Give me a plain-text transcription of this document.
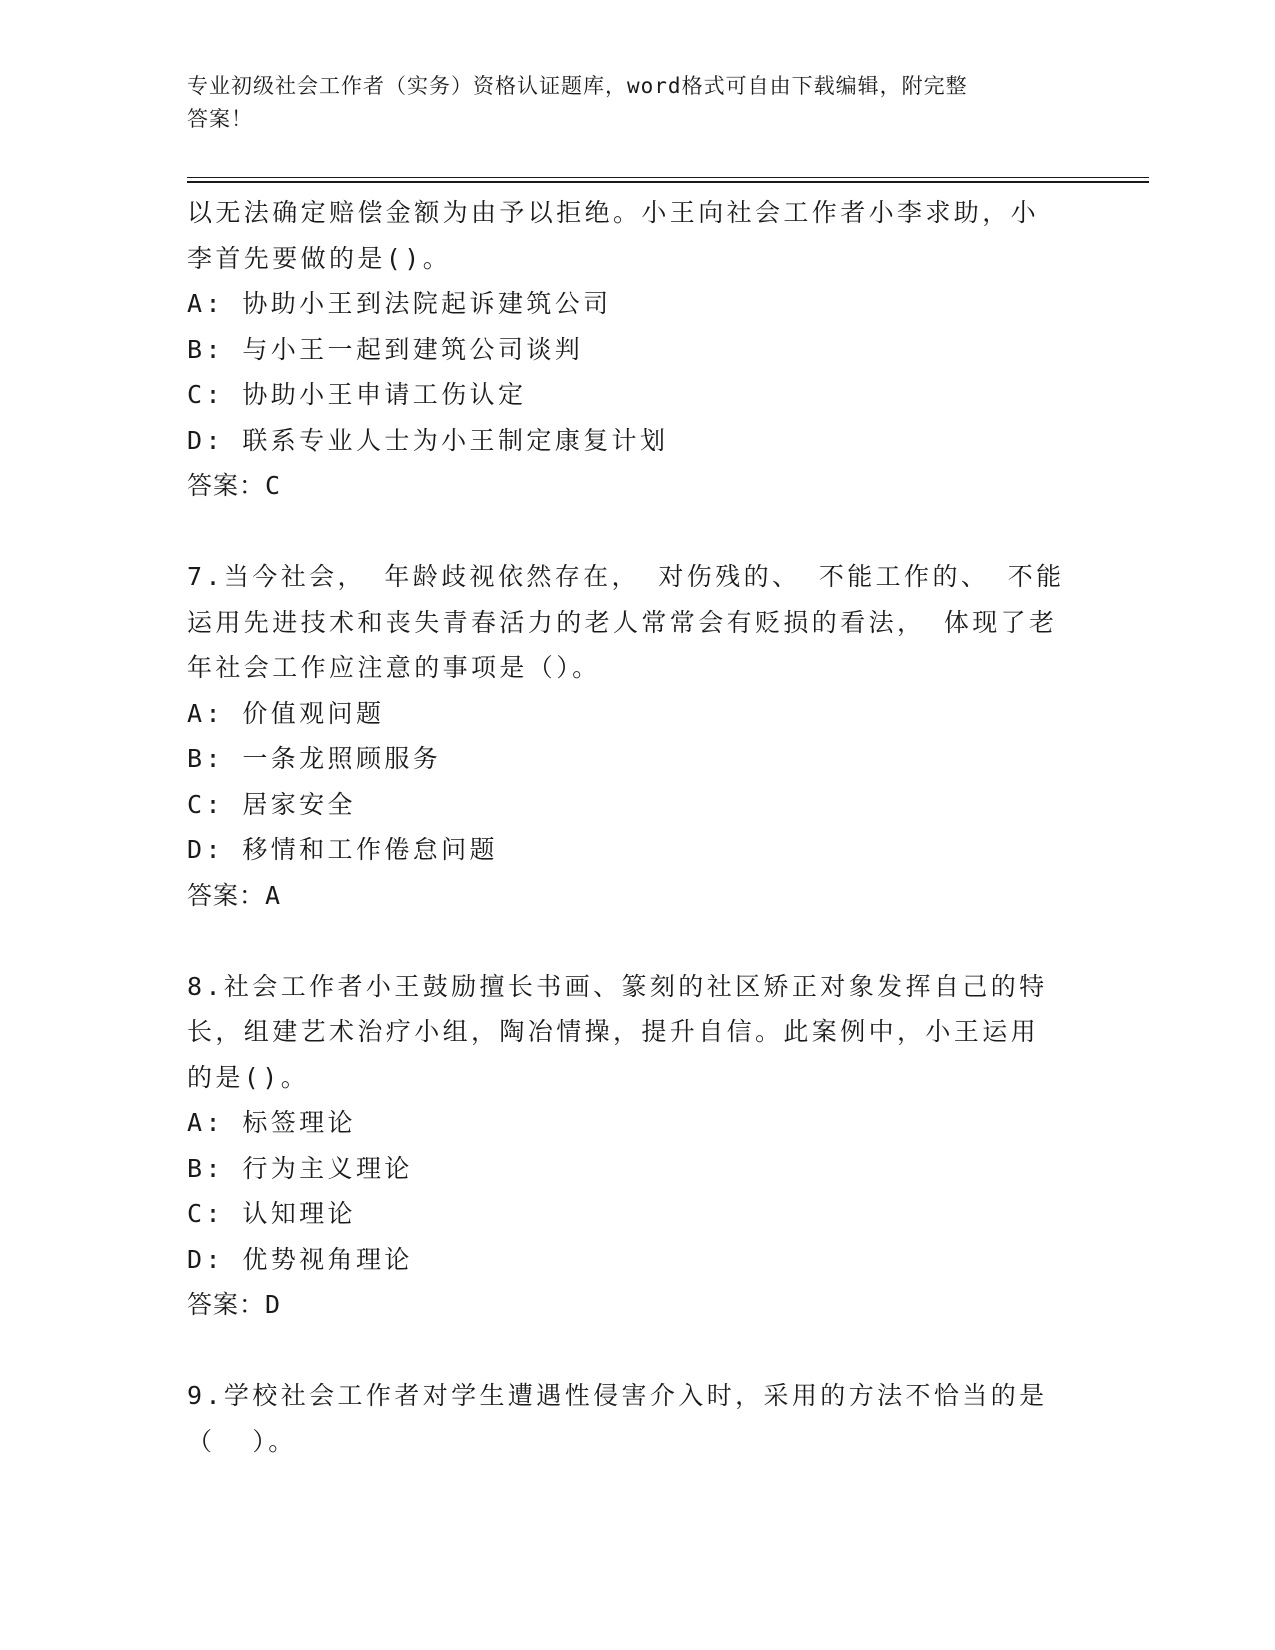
专业初级社会工作者（实务）资格认证题库，word格式可自由下载编辑，附完整
答案！
以无法确定赔偿金额为由予以拒绝。小王向社会工作者小李求助，小
李首先要做的是()。
A: 协助小王到法院起诉建筑公司
B: 与小王一起到建筑公司谈判
C: 协助小王申请工伤认定
D: 联系专业人士为小王制定康复计划
答案：C
7.当今社会， 年龄歧视依然存在， 对伤残的、 不能工作的、 不能
运用先进技术和丧失青春活力的老人常常会有贬损的看法， 体现了老
年社会工作应注意的事项是（）。
A: 价值观问题
B: 一条龙照顾服务
C: 居家安全
D: 移情和工作倦怠问题
答案：A
8.社会工作者小王鼓励擅长书画、篆刻的社区矫正对象发挥自己的特
长，组建艺术治疗小组，陶冶情操，提升自信。此案例中，小王运用
的是()。
A: 标签理论
B: 行为主义理论
C: 认知理论
D: 优势视角理论
答案：D
9.学校社会工作者对学生遭遇性侵害介入时，采用的方法不恰当的是
（  ）。
